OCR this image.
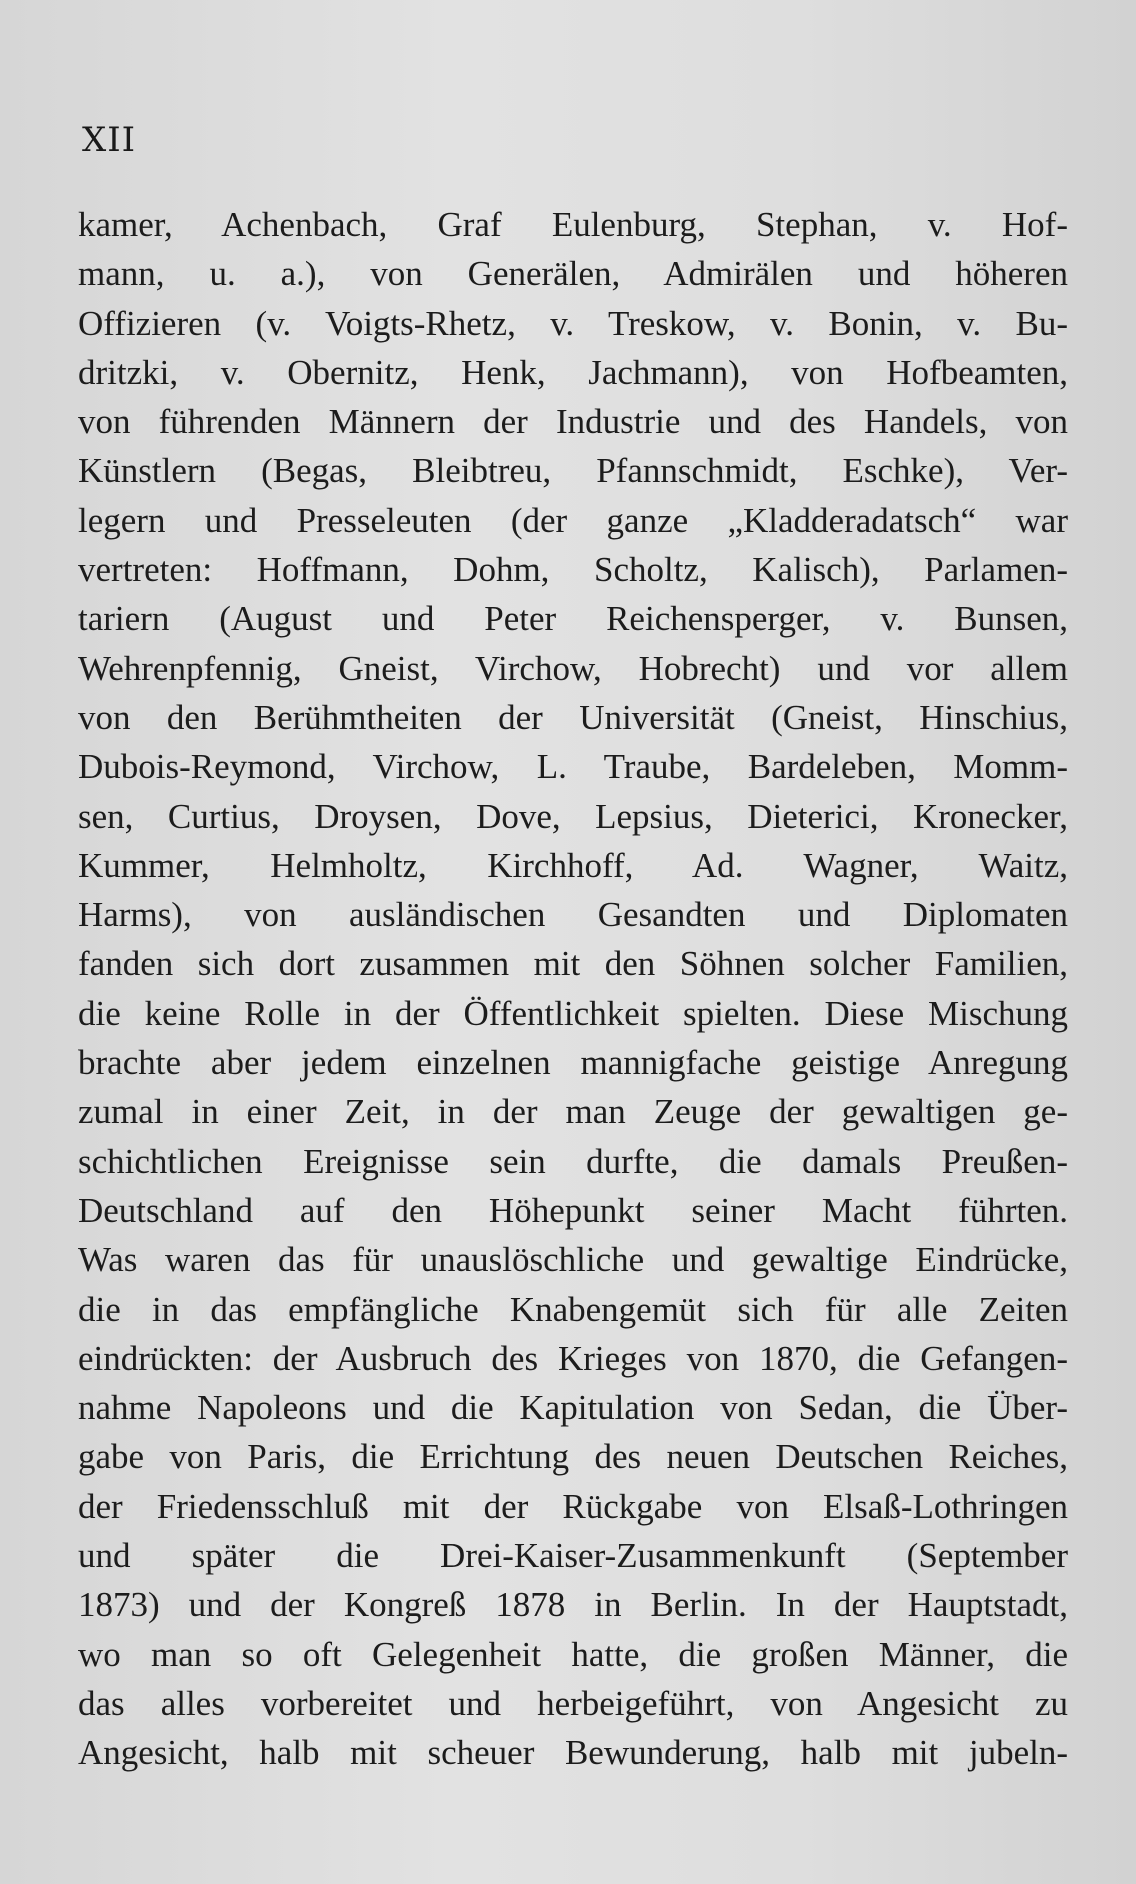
XII
kamer, Achenbach, Graf Eulenburg, Stephan, v. Hof-
mann, u. a.), von Generälen, Admirälen und höheren
Offizieren (v. Voigts-Rhetz, v. Treskow, v. Bonin, v. Bu-
dritzki, v. Obernitz, Henk, Jachmann), von Hofbeamten,
von führenden Männern der Industrie und des Handels, von
Künstlern (Begas, Bleibtreu, Pfannschmidt, Eschke), Ver-
legern und Presseleuten (der ganze „Kladderadatsch“ war
vertreten: Hoffmann, Dohm, Scholtz, Kalisch), Parlamen-
tariern (August und Peter Reichensperger, v. Bunsen,
Wehrenpfennig, Gneist, Virchow, Hobrecht) und vor allem
von den Berühmtheiten der Universität (Gneist, Hinschius,
Dubois-Reymond, Virchow, L. Traube, Bardeleben, Momm-
sen, Curtius, Droysen, Dove, Lepsius, Dieterici, Kronecker,
Kummer, Helmholtz, Kirchhoff, Ad. Wagner, Waitz,
Harms), von ausländischen Gesandten und Diplomaten
fanden sich dort zusammen mit den Söhnen solcher Familien,
die keine Rolle in der Öffentlichkeit spielten. Diese Mischung
brachte aber jedem einzelnen mannigfache geistige Anregung
zumal in einer Zeit, in der man Zeuge der gewaltigen ge-
schichtlichen Ereignisse sein durfte, die damals Preußen-
Deutschland auf den Höhepunkt seiner Macht führten.
Was waren das für unauslöschliche und gewaltige Eindrücke,
die in das empfängliche Knabengemüt sich für alle Zeiten
eindrückten: der Ausbruch des Krieges von 1870, die Gefangen-
nahme Napoleons und die Kapitulation von Sedan, die Über-
gabe von Paris, die Errichtung des neuen Deutschen Reiches,
der Friedensschluß mit der Rückgabe von Elsaß-Lothringen
und später die Drei-Kaiser-Zusammenkunft (September
1873) und der Kongreß 1878 in Berlin. In der Hauptstadt,
wo man so oft Gelegenheit hatte, die großen Männer, die
das alles vorbereitet und herbeigeführt, von Angesicht zu
Angesicht, halb mit scheuer Bewunderung, halb mit jubeln-
